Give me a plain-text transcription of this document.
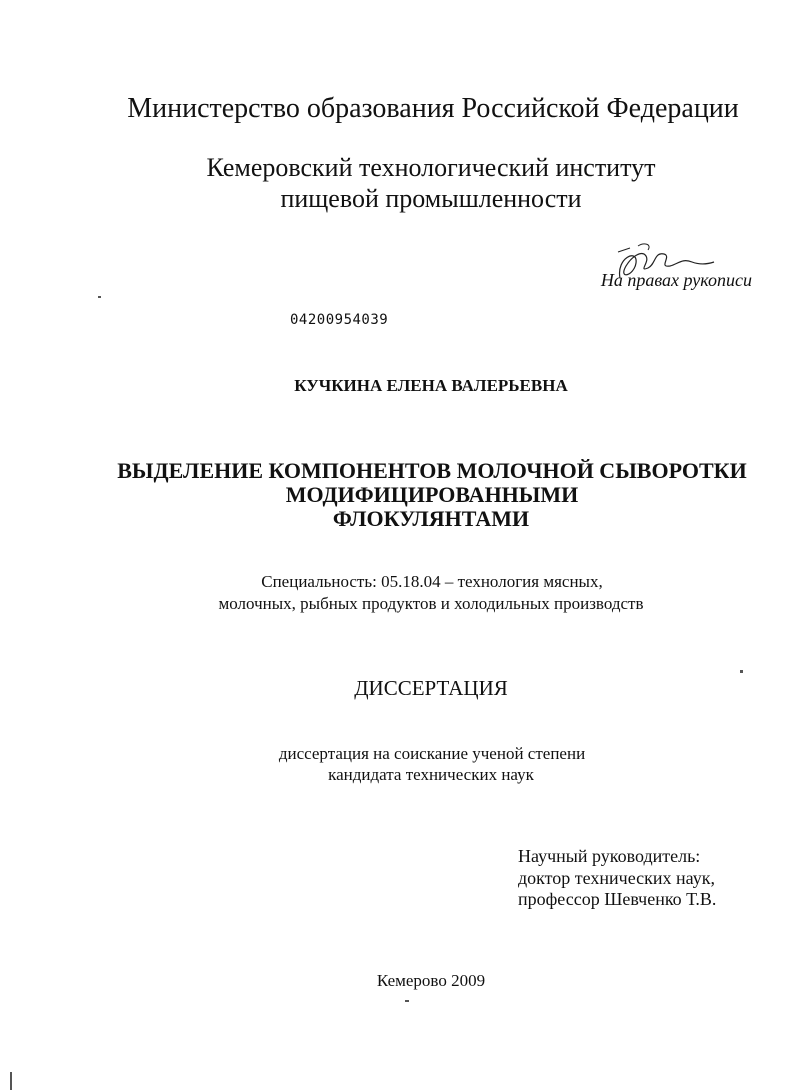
Министерство образования Российской Федерации
Кемеровский технологический институт
пищевой промышленности
На правах рукописи
04200954039
КУЧКИНА ЕЛЕНА ВАЛЕРЬЕВНА
ВЫДЕЛЕНИЕ КОМПОНЕНТОВ МОЛОЧНОЙ СЫВОРОТКИ
МОДИФИЦИРОВАННЫМИ
ФЛОКУЛЯНТАМИ
Специальность: 05.18.04 – технология мясных,
молочных, рыбных продуктов и холодильных производств
ДИССЕРТАЦИЯ
диссертация на соискание ученой степени
кандидата технических наук
Научный руководитель:
доктор технических наук,
профессор Шевченко Т.В.
Кемерово 2009
